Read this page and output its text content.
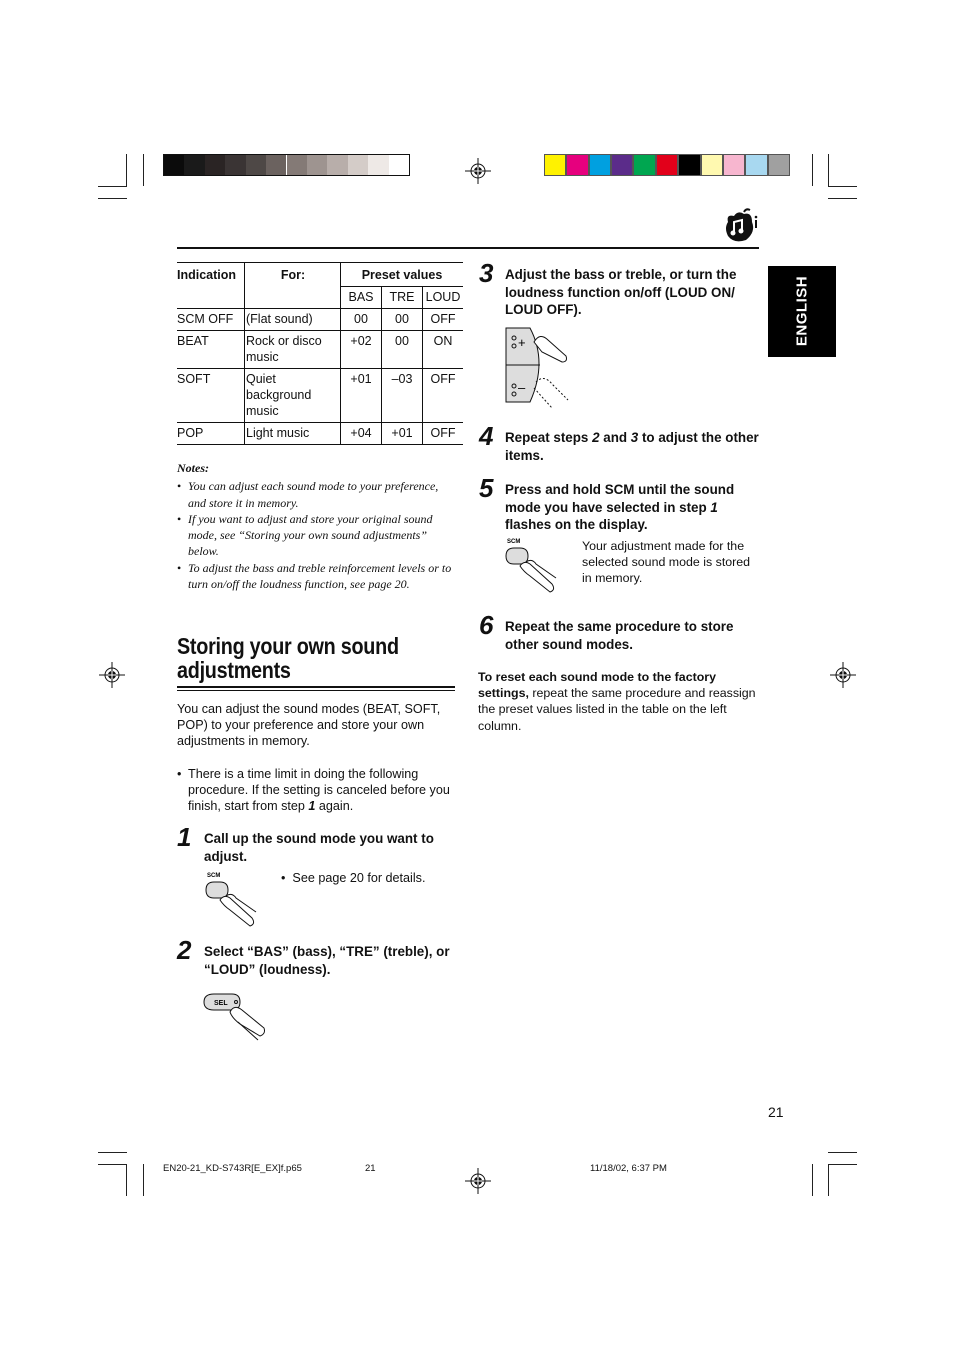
ENGLISH
Indication	For:	Preset values		
		BAS	TRE	LOUD
SCM OFF	(Flat sound)	00	00	OFF
BEAT	Rock or disco music	+02	00	ON
SOFT	Quiet background music	+01	–03	OFF
POP	Light music	+04	+01	OFF
Notes:
• You can adjust each sound mode to your preference, and store it in memory.
• If you want to adjust and store your original sound mode, see “Storing your own sound adjustments” below.
• To adjust the bass and treble reinforcement levels or to turn on/off the loudness function, see page 20.
Storing your own sound adjustments
You can adjust the sound modes (BEAT, SOFT, POP) to your preference and store your own adjustments in memory.
• There is a time limit in doing the following procedure. If the setting is canceled before you finish, start from step 1 again.
1 Call up the sound mode you want to adjust.
SCM	•  See page 20 for details.
2 Select “BAS” (bass), “TRE” (treble), or “LOUD” (loudness).
SEL
3 Adjust the bass or treble, or turn the loudness function on/off (LOUD ON/ LOUD OFF).
+
–
4 Repeat steps 2 and 3 to adjust the other items.
5 Press and hold SCM until the sound mode you have selected in step 1 flashes on the display.
SCM	Your adjustment made for the selected sound mode is stored in memory.
6 Repeat the same procedure to store other sound modes.
To reset each sound mode to the factory settings, repeat the same procedure and reassign the preset values listed in the table on the left column.
21
EN20-21_KD-S743R[E_EX]f.p65	21	11/18/02, 6:37 PM
